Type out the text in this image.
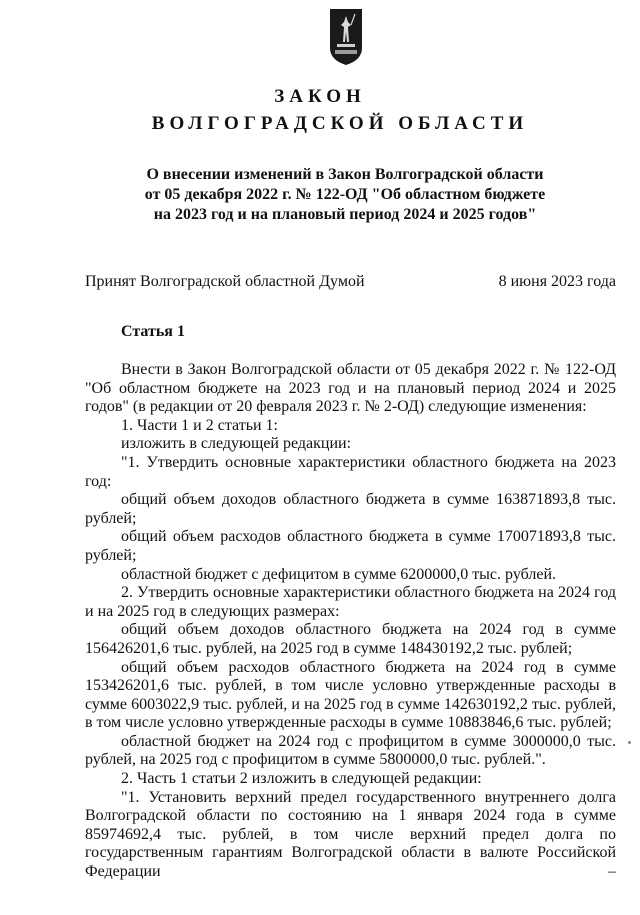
ЗАКОН
ВОЛГОГРАДСКОЙ ОБЛАСТИ
О внесении изменений в Закон Волгоградской области
от 05 декабря 2022 г. № 122-ОД "Об областном бюджете
на 2023 год и на плановый период 2024 и 2025 годов"
Принят Волгоградской областной Думой	8 июня 2023 года
Статья 1

Внести в Закон Волгоградской области от 05 декабря 2022 г. № 122-ОД "Об областном бюджете на 2023 год и на плановый период 2024 и 2025 годов" (в редакции от 20 февраля 2023 г. № 2-ОД) следующие изменения:

1. Части 1 и 2 статьи 1:

изложить в следующей редакции:

"1. Утвердить основные характеристики областного бюджета на 2023 год:

общий объем доходов областного бюджета в сумме 163871893,8 тыс. рублей;

общий объем расходов областного бюджета в сумме 170071893,8 тыс. рублей;

областной бюджет с дефицитом в сумме 6200000,0 тыс. рублей.

2. Утвердить основные характеристики областного бюджета на 2024 год и на 2025 год в следующих размерах:

общий объем доходов областного бюджета на 2024 год в сумме 156426201,6 тыс. рублей, на 2025 год в сумме 148430192,2 тыс. рублей;

общий объем расходов областного бюджета на 2024 год в сумме 153426201,6 тыс. рублей, в том числе условно утвержденные расходы в сумме 6003022,9 тыс. рублей, и на 2025 год в сумме 142630192,2 тыс. рублей, в том числе условно утвержденные расходы в сумме 10883846,6 тыс. рублей;

областной бюджет на 2024 год с профицитом в сумме 3000000,0 тыс. рублей, на 2025 год с профицитом в сумме 5800000,0 тыс. рублей.".

2. Часть 1 статьи 2 изложить в следующей редакции:

"1. Установить верхний предел государственного внутреннего долга Волгоградской области по состоянию на 1 января 2024 года в сумме 85974692,4 тыс. рублей, в том числе верхний предел долга по государственным гарантиям Волгоградской области в валюте Российской Федерации –
